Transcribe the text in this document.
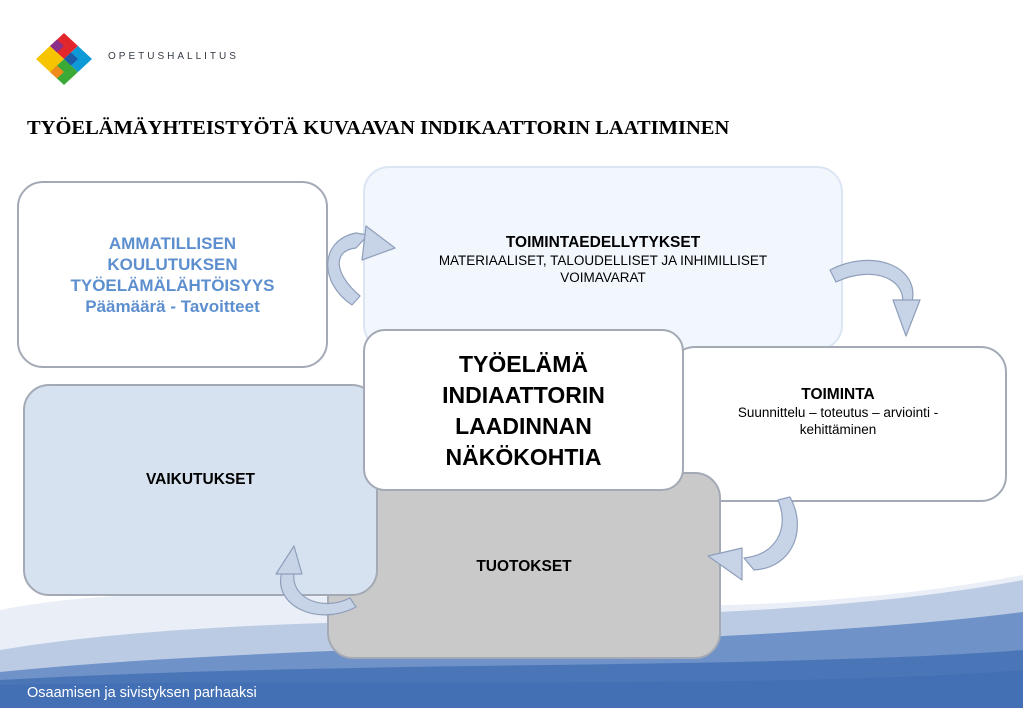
OPETUSHALLITUS
TYÖELÄMÄYHTEISTYÖTÄ KUVAAVAN INDIKAATTORIN LAATIMINEN
AMMATILLISEN
KOULUTUKSEN
TYÖELÄMÄLÄHTÖISYYS
Päämäärä - Tavoitteet
TOIMINTAEDELLYTYKSET
MATERIAALISET, TALOUDELLISET JA INHIMILLISET
VOIMAVARAT
TOIMINTA
Suunnittelu – toteutus – arviointi -
kehittäminen
TUOTOKSET
VAIKUTUKSET
TYÖELÄMÄ
INDIAATTORIN
LAADINNAN
NÄKÖKOHTIA
Osaamisen ja sivistyksen parhaaksi
